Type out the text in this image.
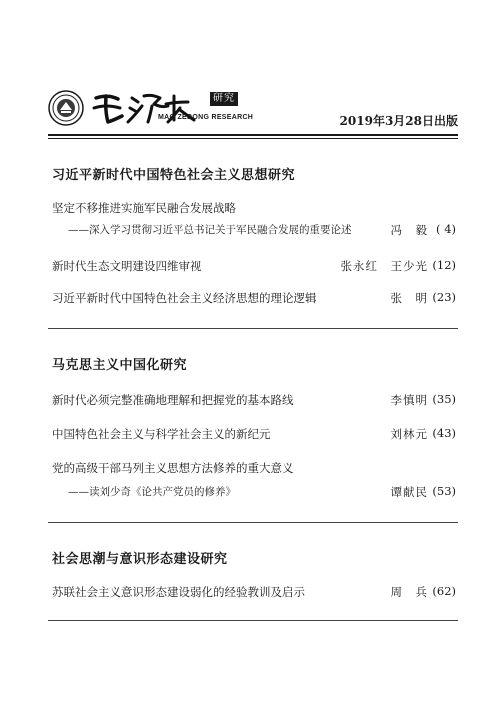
研究
MAO ZEDONG RESEARCH	2019年3月28日出版
习近平新时代中国特色社会主义思想研究
坚定不移推进实施军民融合发展战略
——深入学习贯彻习近平总书记关于军民融合发展的重要论述	冯　毅 ( 4)
新时代生态文明建设四维审视	张永红　王少光 (12)
习近平新时代中国特色社会主义经济思想的理论逻辑	张　明 (23)
马克思主义中国化研究
新时代必须完整准确地理解和把握党的基本路线	李慎明 (35)
中国特色社会主义与科学社会主义的新纪元	刘林元 (43)
党的高级干部马列主义思想方法修养的重大意义
——读刘少奇《论共产党员的修养》	谭献民 (53)
社会思潮与意识形态建设研究
苏联社会主义意识形态建设弱化的经验教训及启示	周　兵 (62)
